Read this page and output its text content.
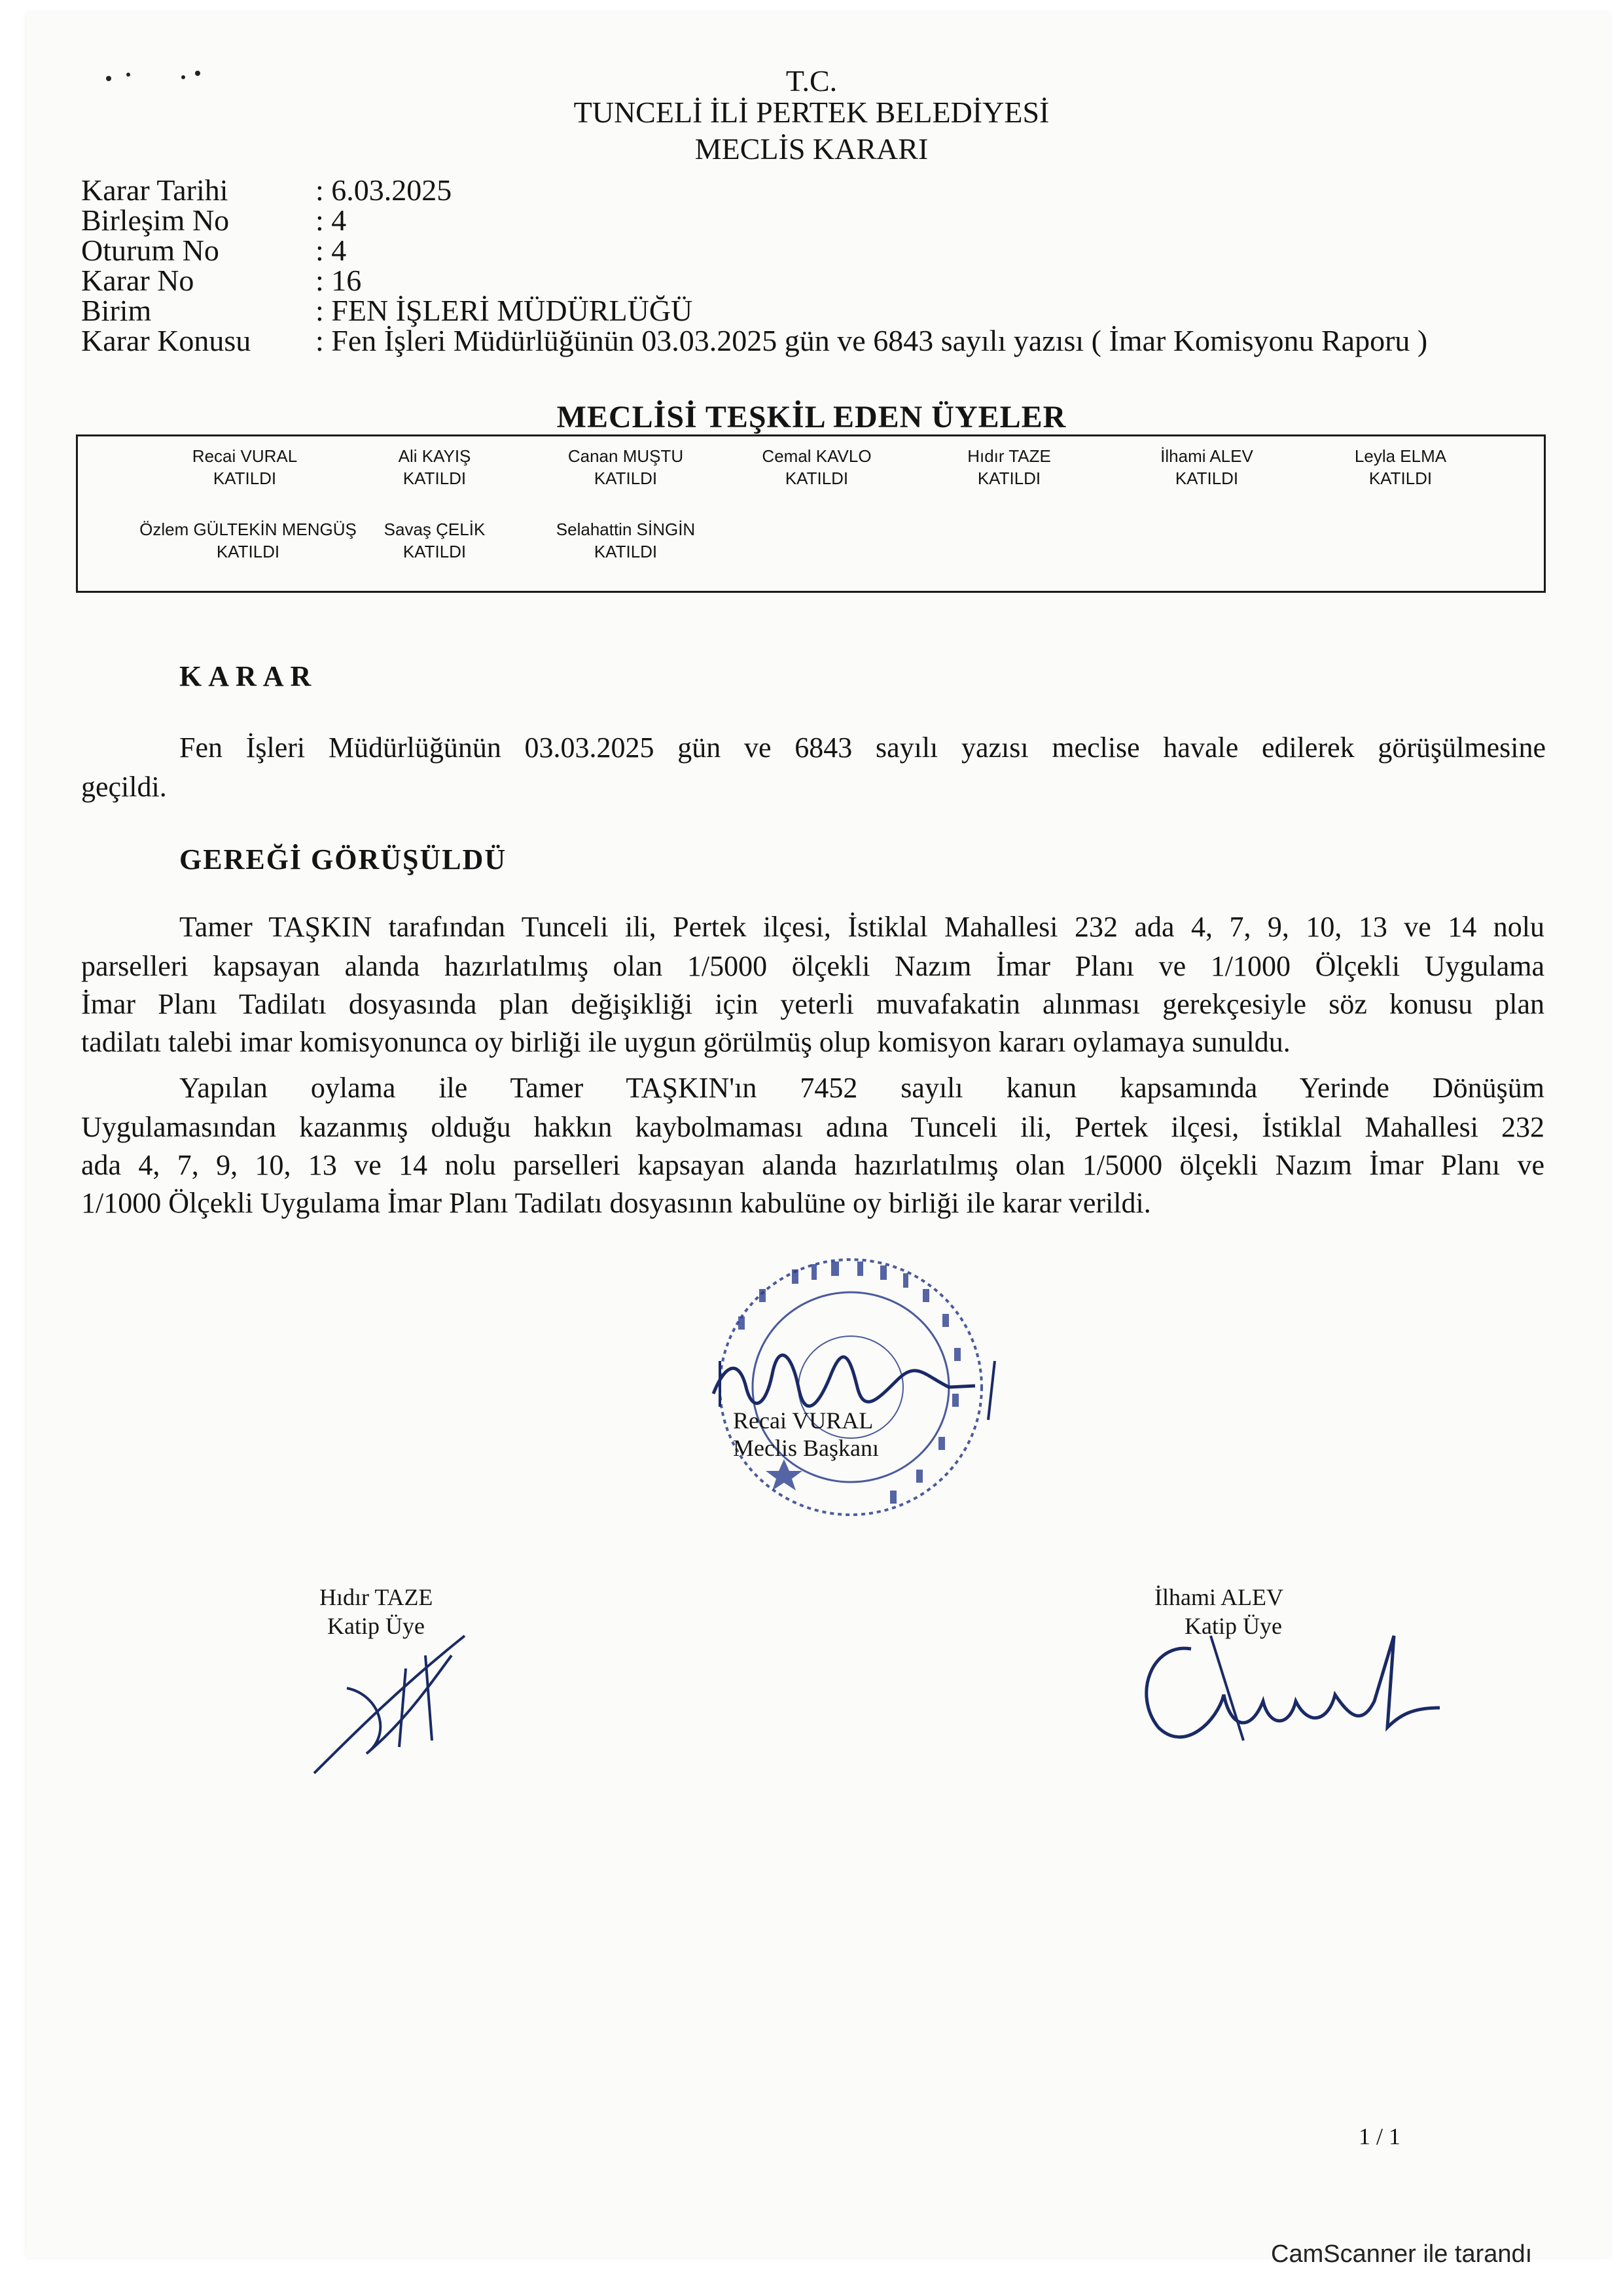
T.C.
TUNCELİ İLİ PERTEK BELEDİYESİ
MECLİS KARARI
Karar Tarihi	: 6.03.2025
Birleşim No	: 4
Oturum No	: 4
Karar No	: 16
Birim	: FEN İŞLERİ MÜDÜRLÜĞÜ
Karar Konusu : Fen İşleri Müdürlüğünün 03.03.2025 gün ve 6843 sayılı yazısı ( İmar Komisyonu Raporu )
MECLİSİ TEŞKİL EDEN ÜYELER
Recai VURAL
KATILDI
Ali KAYIŞ
KATILDI
Canan MUŞTU
KATILDI
Cemal KAVLO
KATILDI
Hıdır TAZE
KATILDI
İlhami ALEV
KATILDI
Leyla ELMA
KATILDI
Özlem GÜLTEKİN MENGÜŞ
KATILDI
Savaş ÇELİK
KATILDI
Selahattin SİNGİN
KATILDI
KARAR
Fen İşleri Müdürlüğünün 03.03.2025 gün ve 6843 sayılı yazısı meclise havale edilerek görüşülmesine
geçildi.
GEREĞİ GÖRÜŞÜLDÜ
Tamer TAŞKIN tarafından Tunceli ili, Pertek ilçesi, İstiklal Mahallesi 232 ada 4, 7, 9, 10, 13 ve 14 nolu
parselleri kapsayan alanda hazırlatılmış olan 1/5000 ölçekli Nazım İmar Planı ve 1/1000 Ölçekli Uygulama
İmar Planı Tadilatı dosyasında plan değişikliği için yeterli muvafakatin alınması gerekçesiyle söz konusu plan
tadilatı talebi imar komisyonunca oy birliği ile uygun görülmüş olup komisyon kararı oylamaya sunuldu.
Yapılan oylama ile Tamer TAŞKIN'ın 7452 sayılı kanun kapsamında Yerinde Dönüşüm
Uygulamasından kazanmış olduğu hakkın kaybolmaması adına Tunceli ili, Pertek ilçesi, İstiklal Mahallesi 232
ada 4, 7, 9, 10, 13 ve 14 nolu parselleri kapsayan alanda hazırlatılmış olan 1/5000 ölçekli Nazım İmar Planı ve
1/1000 Ölçekli Uygulama İmar Planı Tadilatı dosyasının kabulüne oy birliği ile karar verildi.
Recai VURAL
Meclis Başkanı
Hıdır TAZE
Katip Üye
İlhami ALEV
Katip Üye
1 / 1
CamScanner ile tarandı
